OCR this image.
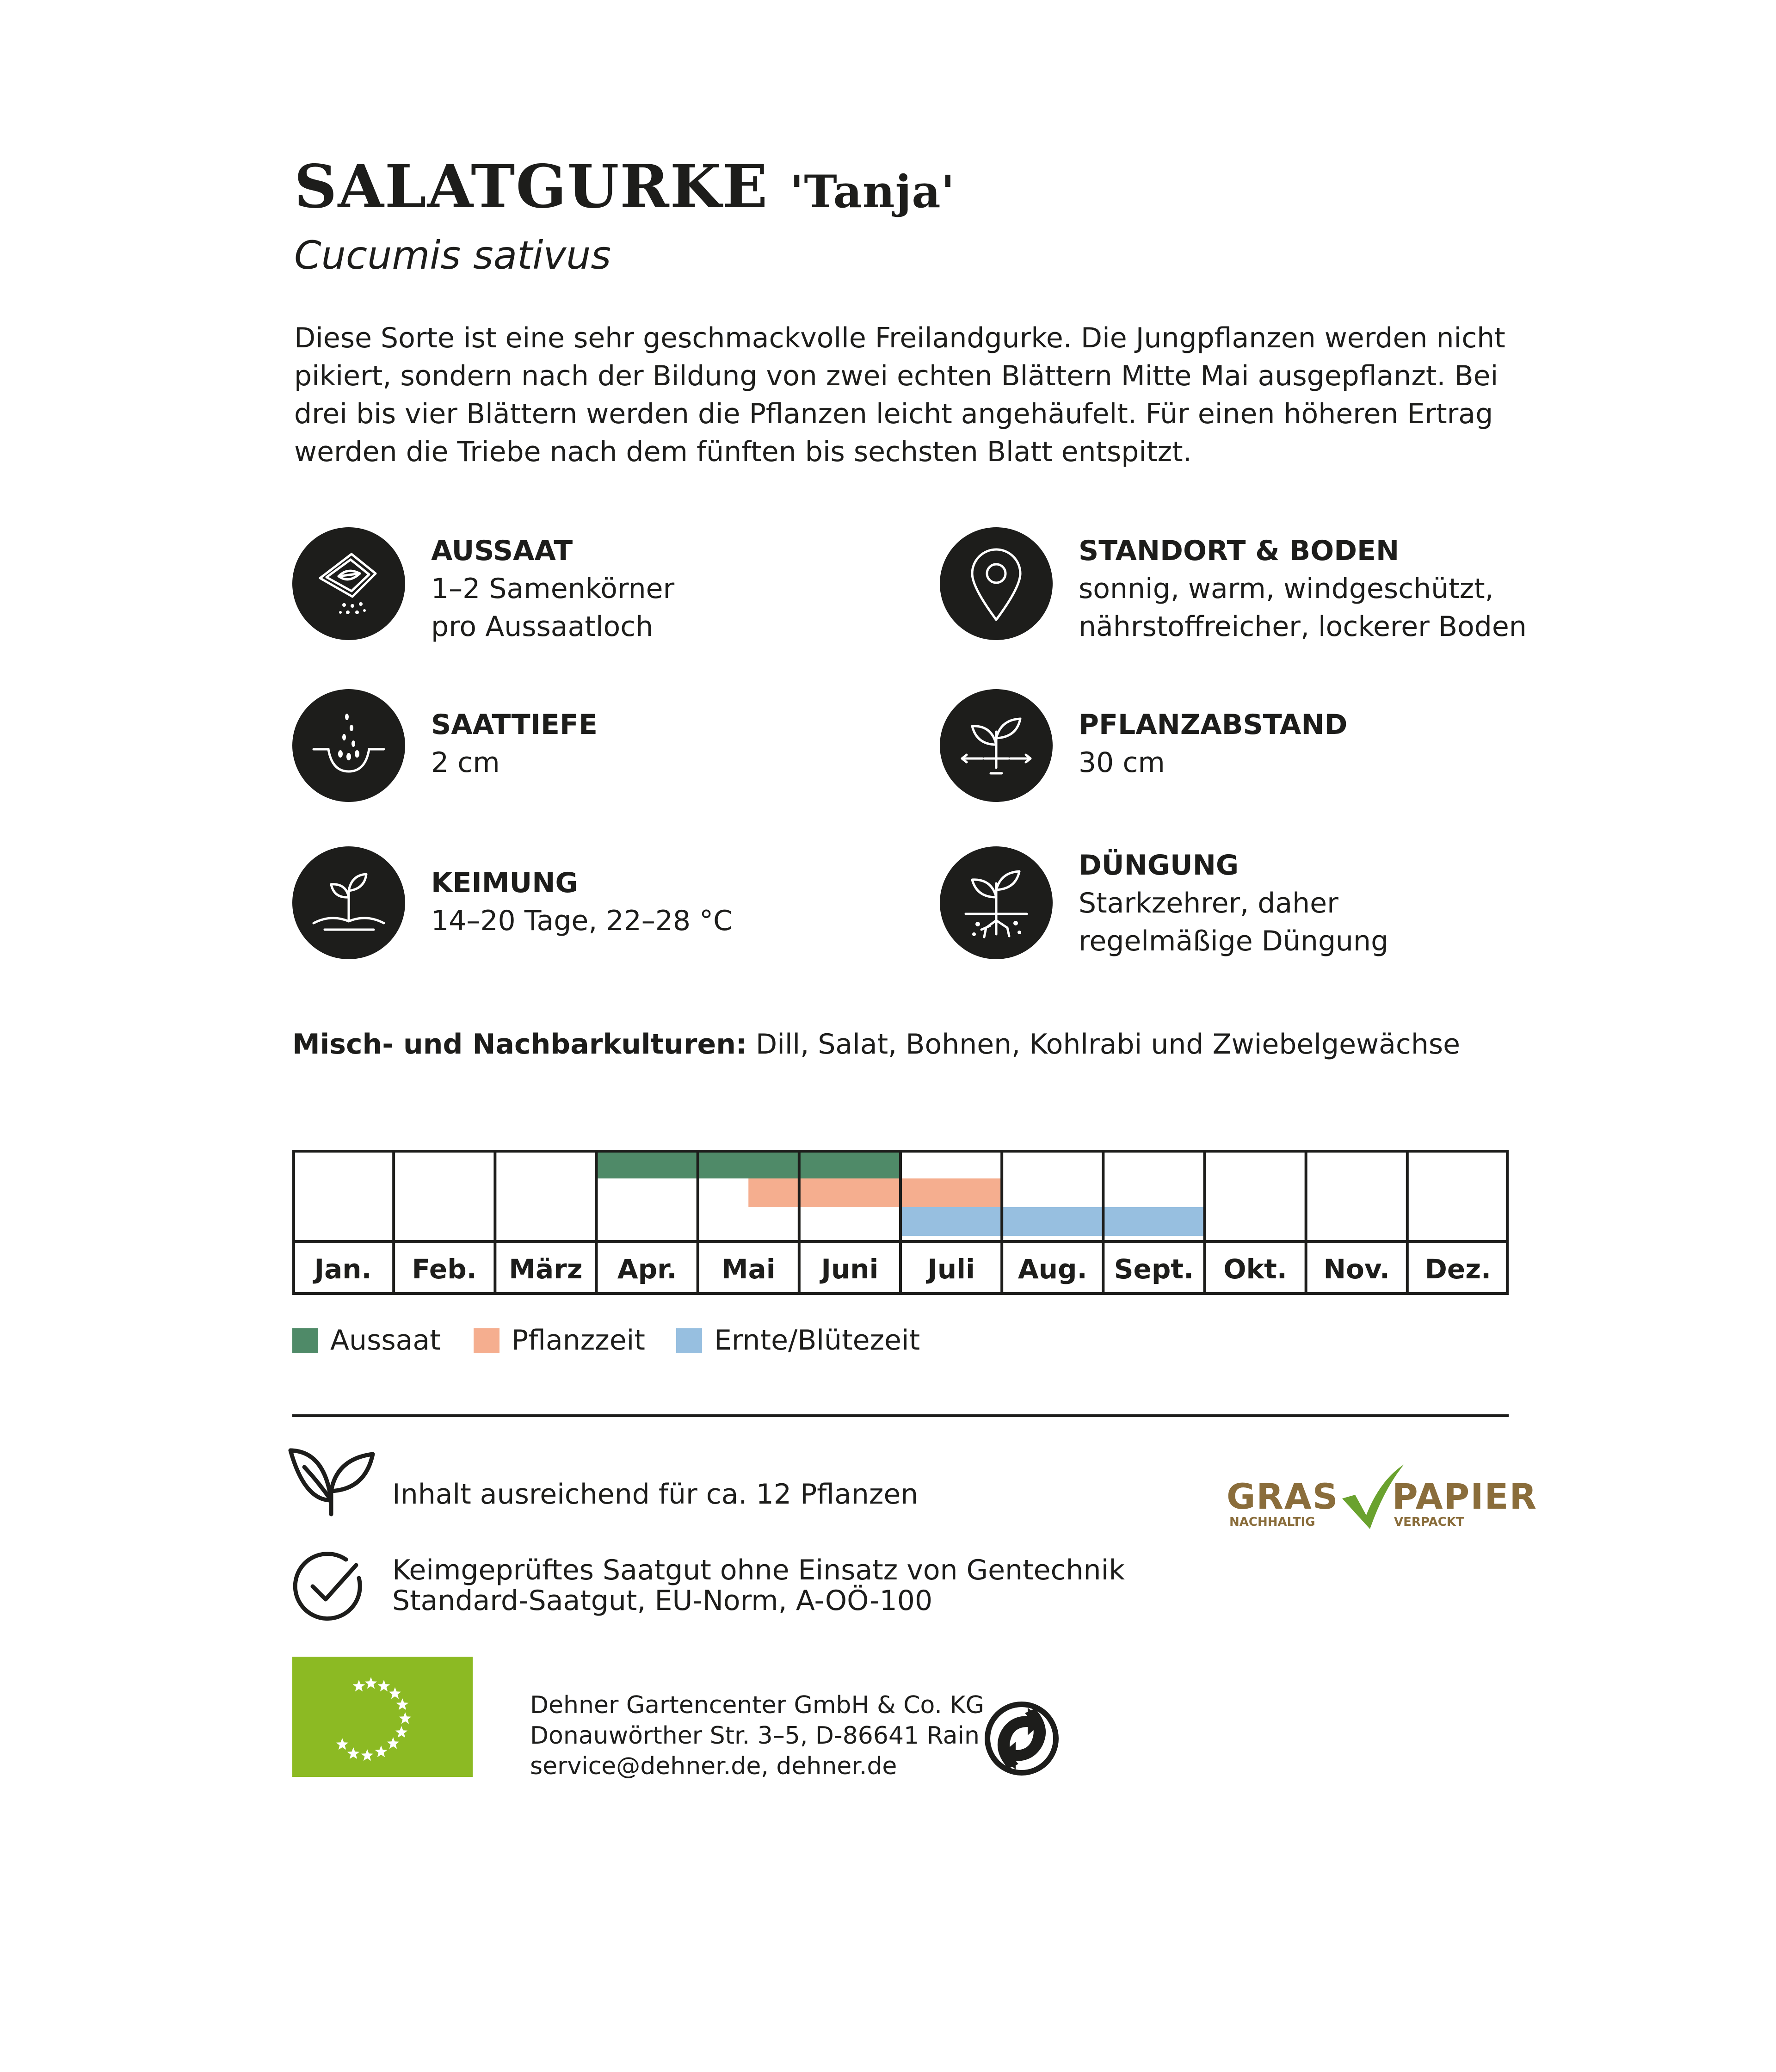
SALATGURKE 'Tanja'
Cucumis sativus
Diese Sorte ist eine sehr geschmackvolle Freilandgurke. Die Jungpflanzen werden nicht pikiert, sondern nach der Bildung von zwei echten Blättern Mitte Mai ausgepflanzt. Bei drei bis vier Blättern werden die Pflanzen leicht angehäufelt. Für einen höheren Ertrag werden die Triebe nach dem fünften bis sechsten Blatt entspitzt.
AUSSAAT
1–2 Samenkörner
pro Aussaatloch
SAATTIEFE
2 cm
KEIMUNG
14–20 Tage, 22–28 °C
STANDORT & BODEN
sonnig, warm, windgeschützt,
nährstoffreicher, lockerer Boden
PFLANZABSTAND
30 cm
DÜNGUNG
Starkzehrer, daher
regelmäßige Düngung
Misch- und Nachbarkulturen: Dill, Salat, Bohnen, Kohlrabi und Zwiebelgewächse
Jan. Feb. März Apr. Mai Juni Juli Aug. Sept. Okt. Nov. Dez.
Aussaat	Pflanzzeit Ernte/Blütezeit
Inhalt ausreichend für ca. 12 Pflanzen
Keimgeprüftes Saatgut ohne Einsatz von Gentechnik
Standard-Saatgut, EU-Norm, A-OÖ-100
GRAS PAPIER
NACHHALTIG	VERPACKT
Dehner Gartencenter GmbH & Co. KG
Donauwörther Str. 3–5, D-86641 Rain
service@dehner.de, dehner.de
